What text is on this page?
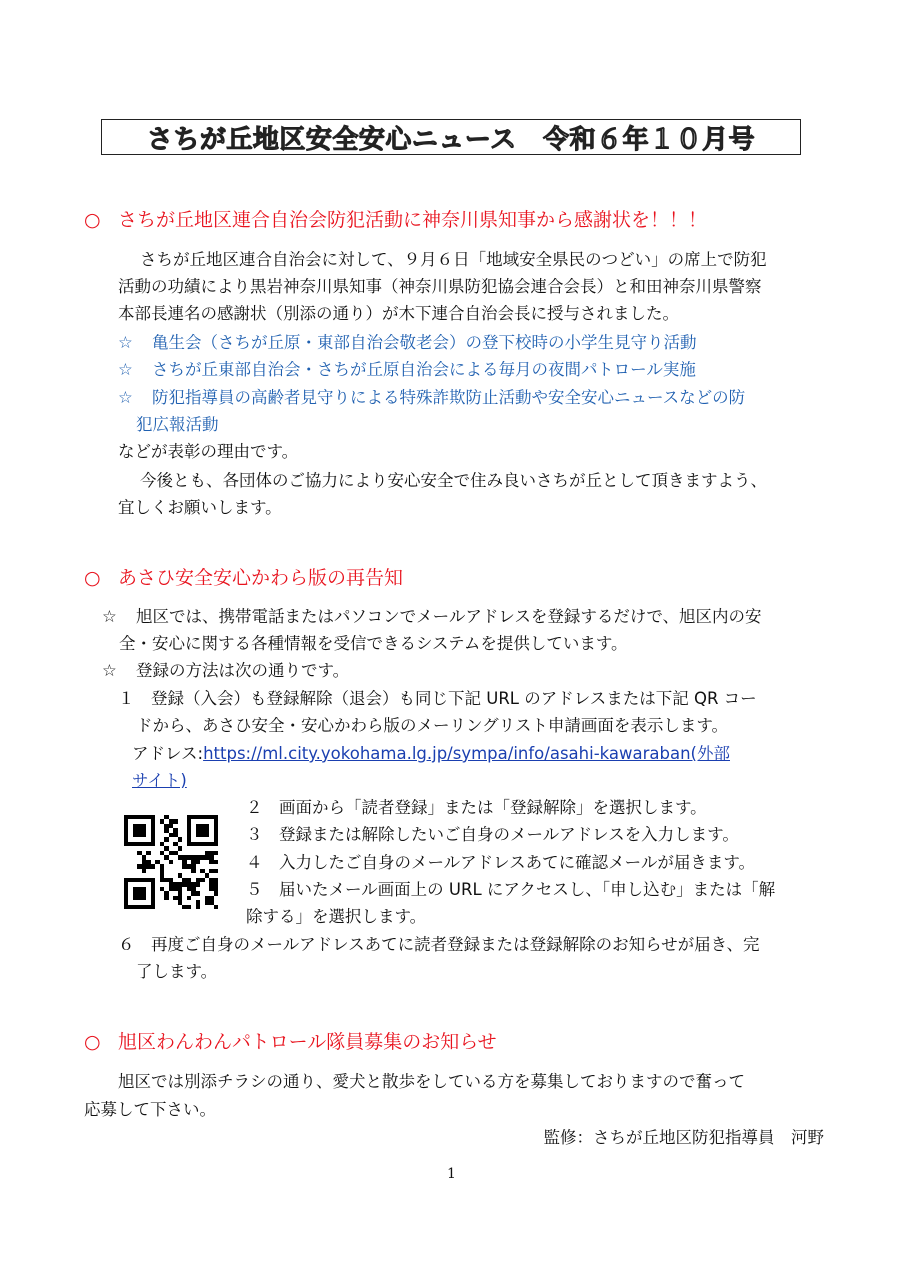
さちが丘地区安全安心ニュース　令和６年１０月号
○ さちが丘地区連合自治会防犯活動に神奈川県知事から感謝状を！！！
さちが丘地区連合自治会に対して、９月６日「地域安全県民のつどい」の席上で防犯
活動の功績により黒岩神奈川県知事（神奈川県防犯協会連合会長）と和田神奈川県警察
本部長連名の感謝状（別添の通り）が木下連合自治会長に授与されました。
☆ 亀生会（さちが丘原・東部自治会敬老会）の登下校時の小学生見守り活動
☆ さちが丘東部自治会・さちが丘原自治会による毎月の夜間パトロール実施
☆ 防犯指導員の高齢者見守りによる特殊詐欺防止活動や安全安心ニュースなどの防
犯広報活動
などが表彰の理由です。
今後とも、各団体のご協力により安心安全で住み良いさちが丘として頂きますよう、
宜しくお願いします。
○ あさひ安全安心かわら版の再告知
☆ 旭区では、携帯電話またはパソコンでメールアドレスを登録するだけで、旭区内の安
全・安心に関する各種情報を受信できるシステムを提供しています。
☆ 登録の方法は次の通りです。
１　登録（入会）も登録解除（退会）も同じ下記 URL のアドレスまたは下記 QR コー
ドから、あさひ安全・安心かわら版のメーリングリスト申請画面を表示します。
アドレス:https://ml.city.yokohama.lg.jp/sympa/info/asahi-kawaraban(外部
サイト)
２　画面から「読者登録」または「登録解除」を選択します。
３　登録または解除したいご自身のメールアドレスを入力します。
４　入力したご自身のメールアドレスあてに確認メールが届きます。
５　届いたメール画面上の URL にアクセスし、「申し込む」または「解
除する」を選択します。
６　再度ご自身のメールアドレスあてに読者登録または登録解除のお知らせが届き、完
了します。
○ 旭区わんわんパトロール隊員募集のお知らせ
旭区では別添チラシの通り、愛犬と散歩をしている方を募集しておりますので奮って
応募して下さい。
監修：さちが丘地区防犯指導員　河野
1
